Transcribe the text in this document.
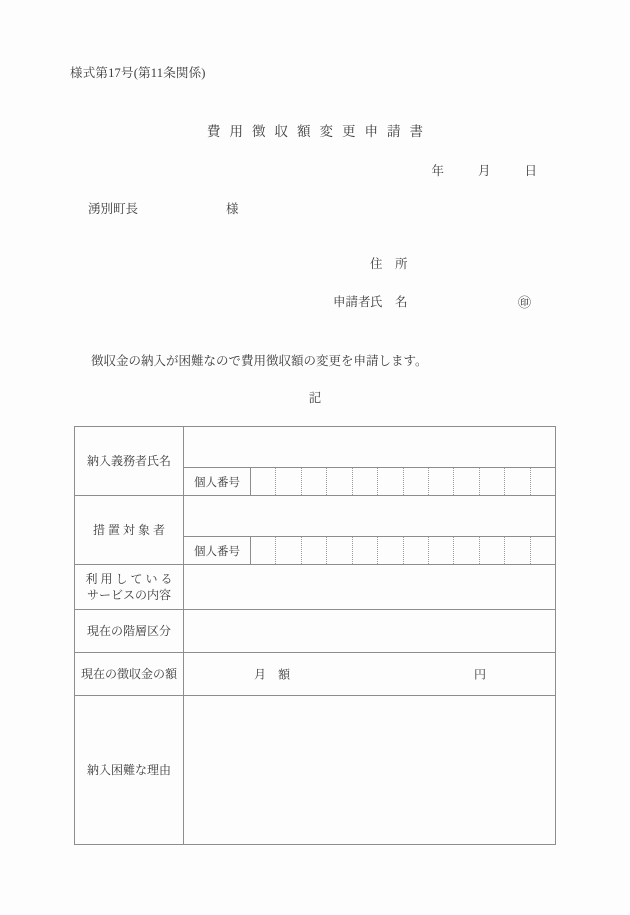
様式第17号(第11条関係)
費用徴収額変更申請書
年	月	日
湧別町長	様
住　所
申請者 氏　名	㊞
徴収金の納入が困難なので費用徴収額の変更を申請します。
記
納入義務者氏名

個人番号	

措 置 対 象 者

個人番号	

利 用 し て い る
サービスの内容

現在の階層区分

現在の徴収金の額	月　額	円

納入困難な理由
